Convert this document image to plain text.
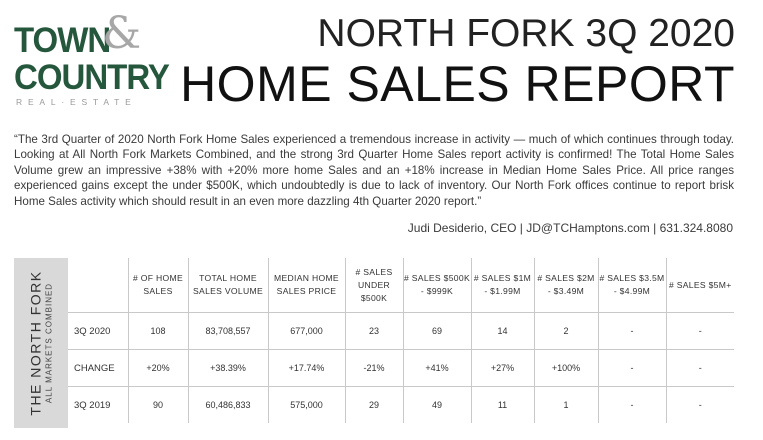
TOWN
&
COUNTRY
REAL·ESTATE
NORTH FORK 3Q 2020
HOME SALES REPORT
“The 3rd Quarter of 2020 North Fork Home Sales experienced a tremendous increase in activity — much of which continues through today. Looking at All North Fork Markets Combined, and the strong 3rd Quarter Home Sales report activity is confirmed! The Total Home Sales Volume grew an impressive +38% with +20% more home Sales and an +18% increase in Median Home Sales Price. All price ranges experienced gains except the under $500K, which undoubtedly is due to lack of inventory. Our North Fork offices continue to report brisk Home Sales activity which should result in an even more dazzling 4th Quarter 2020 report.”
Judi Desiderio, CEO | JD@TCHamptons.com | 631.324.8080
THE NORTH FORK ALL MARKETS COMBINED
	# OF HOME SALES	TOTAL HOME SALES VOLUME	MEDIAN HOME SALES PRICE	# SALES UNDER $500K	# SALES $500K - $999K	# SALES $1M - $1.99M	# SALES $2M - $3.49M	# SALES $3.5M - $4.99M	# SALES $5M+
3Q 2020	108	83,708,557	677,000	23	69	14	2	-	-
CHANGE	+20%	+38.39%	+17.74%	-21%	+41%	+27%	+100%	-	-
3Q 2019	90	60,486,833	575,000	29	49	11	1	-	-
